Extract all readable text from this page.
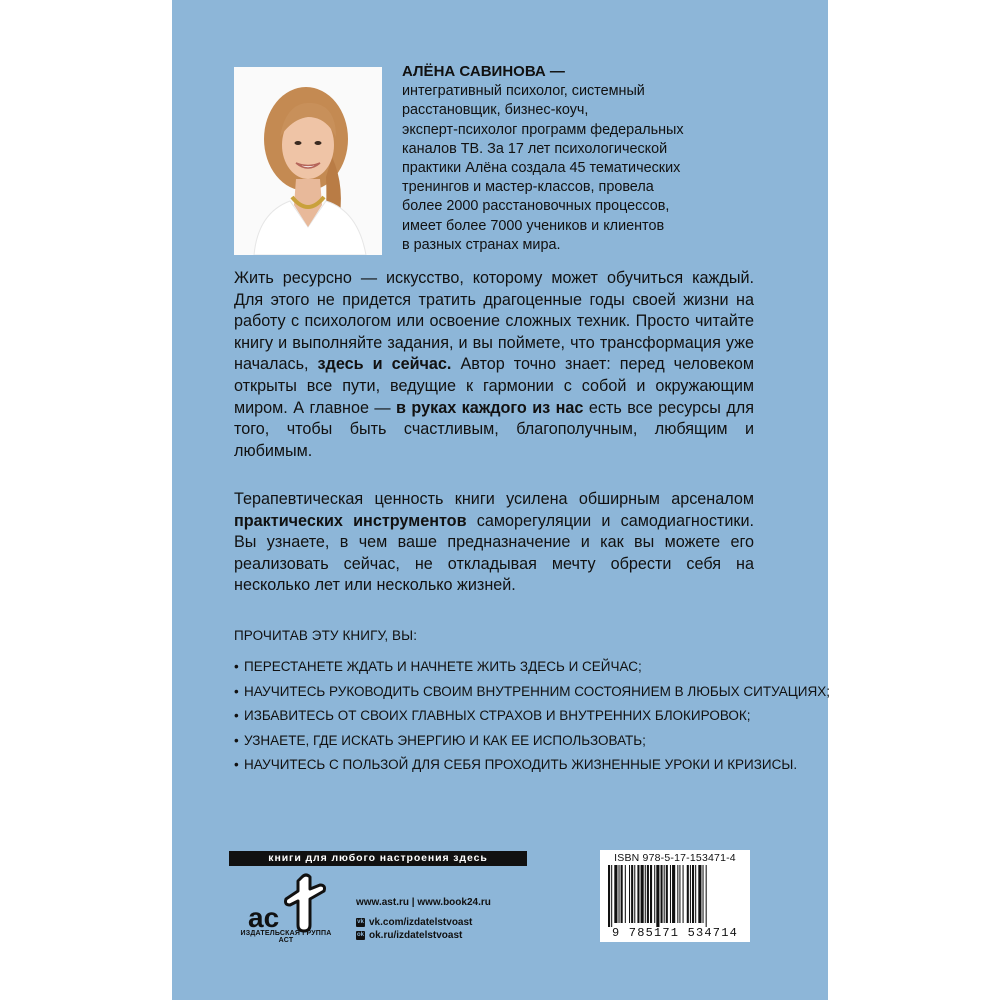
АЛЁНА САВИНОВА —
интегративный психолог, системный
расстановщик, бизнес-коуч,
эксперт-психолог программ федеральных
каналов ТВ. За 17 лет психологической
практики Алёна создала 45 тематических
тренингов и мастер-классов, провела
более 2000 расстановочных процессов,
имеет более 7000 учеников и клиентов
в разных странах мира.
Жить ресурсно — искусство, которому может обучиться каждый. Для этого не придется тратить драгоценные годы своей жизни на работу с психологом или освоение сложных техник. Просто читайте книгу и выполняйте задания, и вы поймете, что трансформация уже началась, здесь и сейчас. Автор точно знает: перед человеком открыты все пути, ведущие к гармонии с собой и окружающим миром. А главное — в руках каждого из нас есть все ресурсы для того, чтобы быть счастливым, благополучным, любящим и любимым.
Терапевтическая ценность книги усилена обширным арсеналом практических инструментов саморегуляции и самодиагностики. Вы узнаете, в чем ваше предназначение и как вы можете его реализовать сейчас, не откладывая мечту обрести себя на несколько лет или несколько жизней.
ПРОЧИТАВ ЭТУ КНИГУ, ВЫ:
• ПЕРЕСТАНЕТЕ ЖДАТЬ И НАЧНЕТЕ ЖИТЬ ЗДЕСЬ И СЕЙЧАС;
• НАУЧИТЕСЬ РУКОВОДИТЬ СВОИМ ВНУТРЕННИМ СОСТОЯНИЕМ В ЛЮБЫХ СИТУАЦИЯХ;
• ИЗБАВИТЕСЬ ОТ СВОИХ ГЛАВНЫХ СТРАХОВ И ВНУТРЕННИХ БЛОКИРОВОК;
• УЗНАЕТЕ, ГДЕ ИСКАТЬ ЭНЕРГИЮ И КАК ЕЕ ИСПОЛЬЗОВАТЬ;
• НАУЧИТЕСЬ С ПОЛЬЗОЙ ДЛЯ СЕБЯ ПРОХОДИТЬ ЖИЗНЕННЫЕ УРОКИ И КРИЗИСЫ.
книги для любого настроения здесь
ac
ИЗДАТЕЛЬСКАЯ ГРУППА АСТ
www.ast.ru | www.book24.ru
vk vk.com/izdatelstvoast
ok ok.ru/izdatelstvoast
ISBN 978-5-17-153471-4
9 785171 534714
